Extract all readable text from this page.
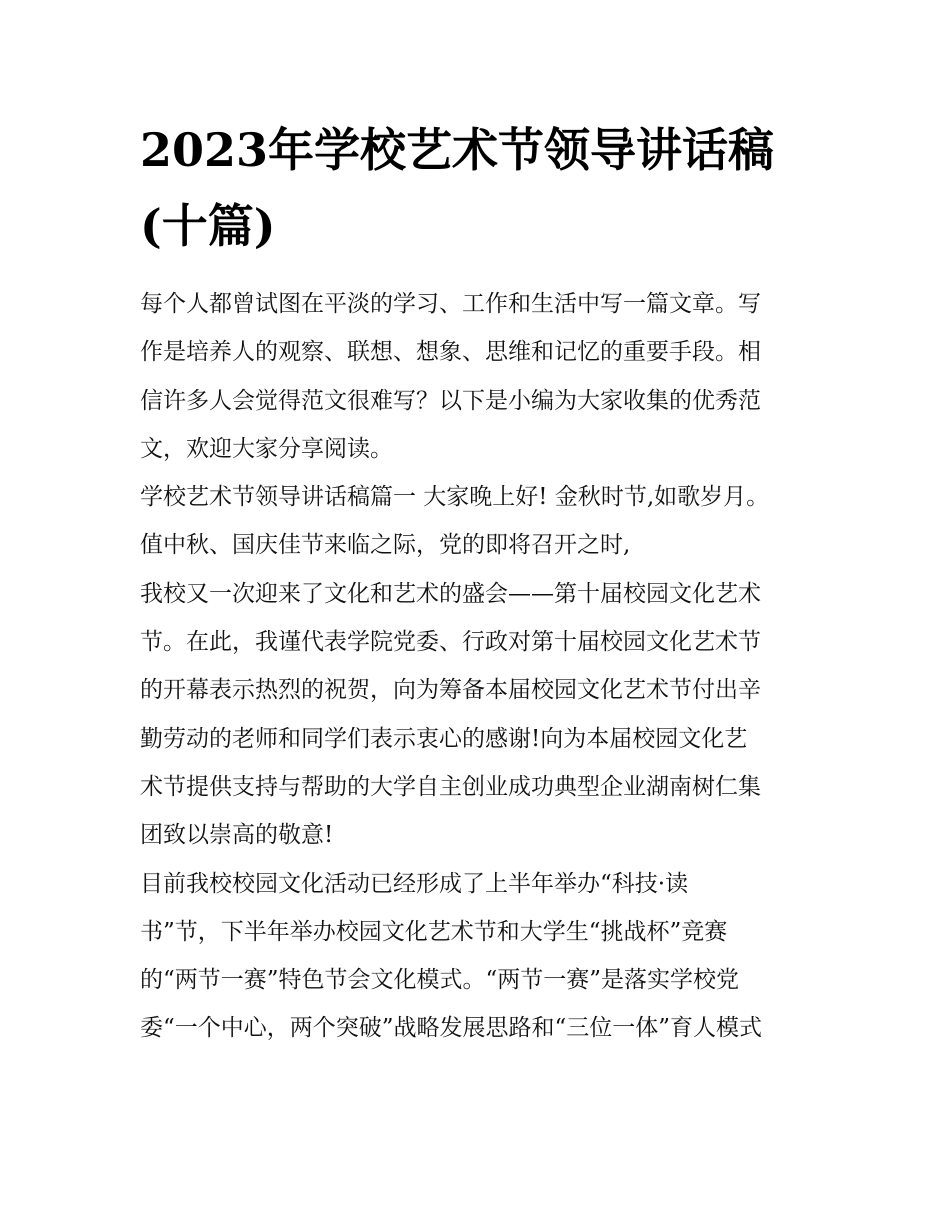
2023年学校艺术节领导讲话稿
(十篇)
每个人都曾试图在平淡的学习、工作和生活中写一篇文章。写
作是培养人的观察、联想、想象、思维和记忆的重要手段。相
信许多人会觉得范文很难写？以下是小编为大家收集的优秀范
文，欢迎大家分享阅读。
学校艺术节领导讲话稿篇一 大家晚上好! 金秋时节,如歌岁月。
值中秋、国庆佳节来临之际，党的即将召开之时,
我校又一次迎来了文化和艺术的盛会——第十届校园文化艺术
节。在此，我谨代表学院党委、行政对第十届校园文化艺术节
的开幕表示热烈的祝贺，向为筹备本届校园文化艺术节付出辛
勤劳动的老师和同学们表示衷心的感谢!向为本届校园文化艺
术节提供支持与帮助的大学自主创业成功典型企业湖南树仁集
团致以崇高的敬意!
目前我校校园文化活动已经形成了上半年举办“科技·读
书”节，下半年举办校园文化艺术节和大学生“挑战杯”竞赛
的“两节一赛”特色节会文化模式。“两节一赛”是落实学校党
委“一个中心，两个突破”战略发展思路和“三位一体”育人模式
